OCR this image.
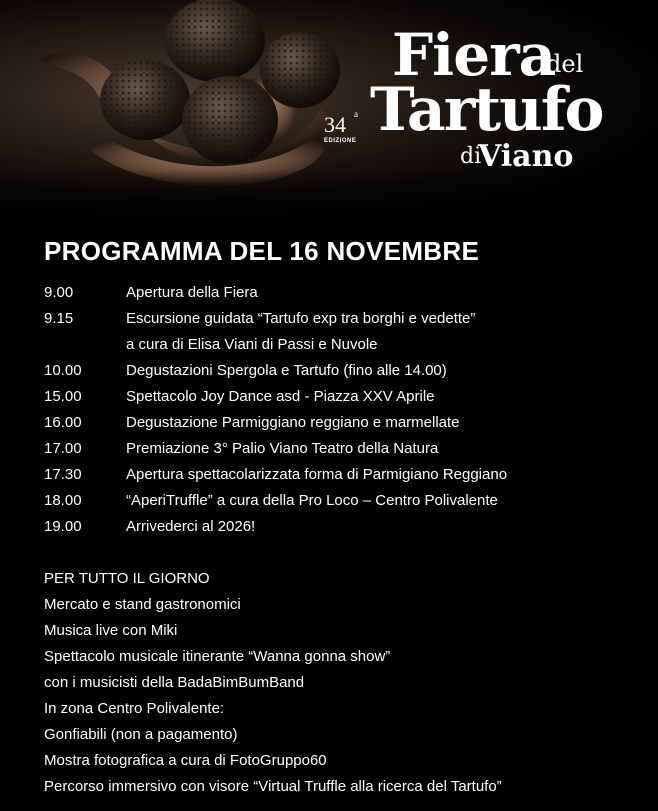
Fiera
del
Tartufo
di
Viano
34 a
EDIZIONE
PROGRAMMA DEL 16 NOVEMBRE
9.00	Apertura della Fiera
9.15	Escursione guidata “Tartufo exp tra borghi e vedette”
a cura di Elisa Viani di Passi e Nuvole
10.00	Degustazioni Spergola e Tartufo (fino alle 14.00)
15.00	Spettacolo Joy Dance asd - Piazza XXV Aprile
16.00	Degustazione Parmiggiano reggiano e marmellate
17.00	Premiazione 3° Palio Viano Teatro della Natura
17.30	Apertura spettacolarizzata forma di Parmigiano Reggiano
18.00	“AperiTruffle” a cura della Pro Loco – Centro Polivalente
19.00	Arrivederci al 2026!
PER TUTTO IL GIORNO
Mercato e stand gastronomici
Musica live con Miki
Spettacolo musicale itinerante “Wanna gonna show”
con i musicisti della BadaBimBumBand
In zona Centro Polivalente:
Gonfiabili (non a pagamento)
Mostra fotografica a cura di FotoGruppo60
Percorso immersivo con visore “Virtual Truffle alla ricerca del Tartufo”
